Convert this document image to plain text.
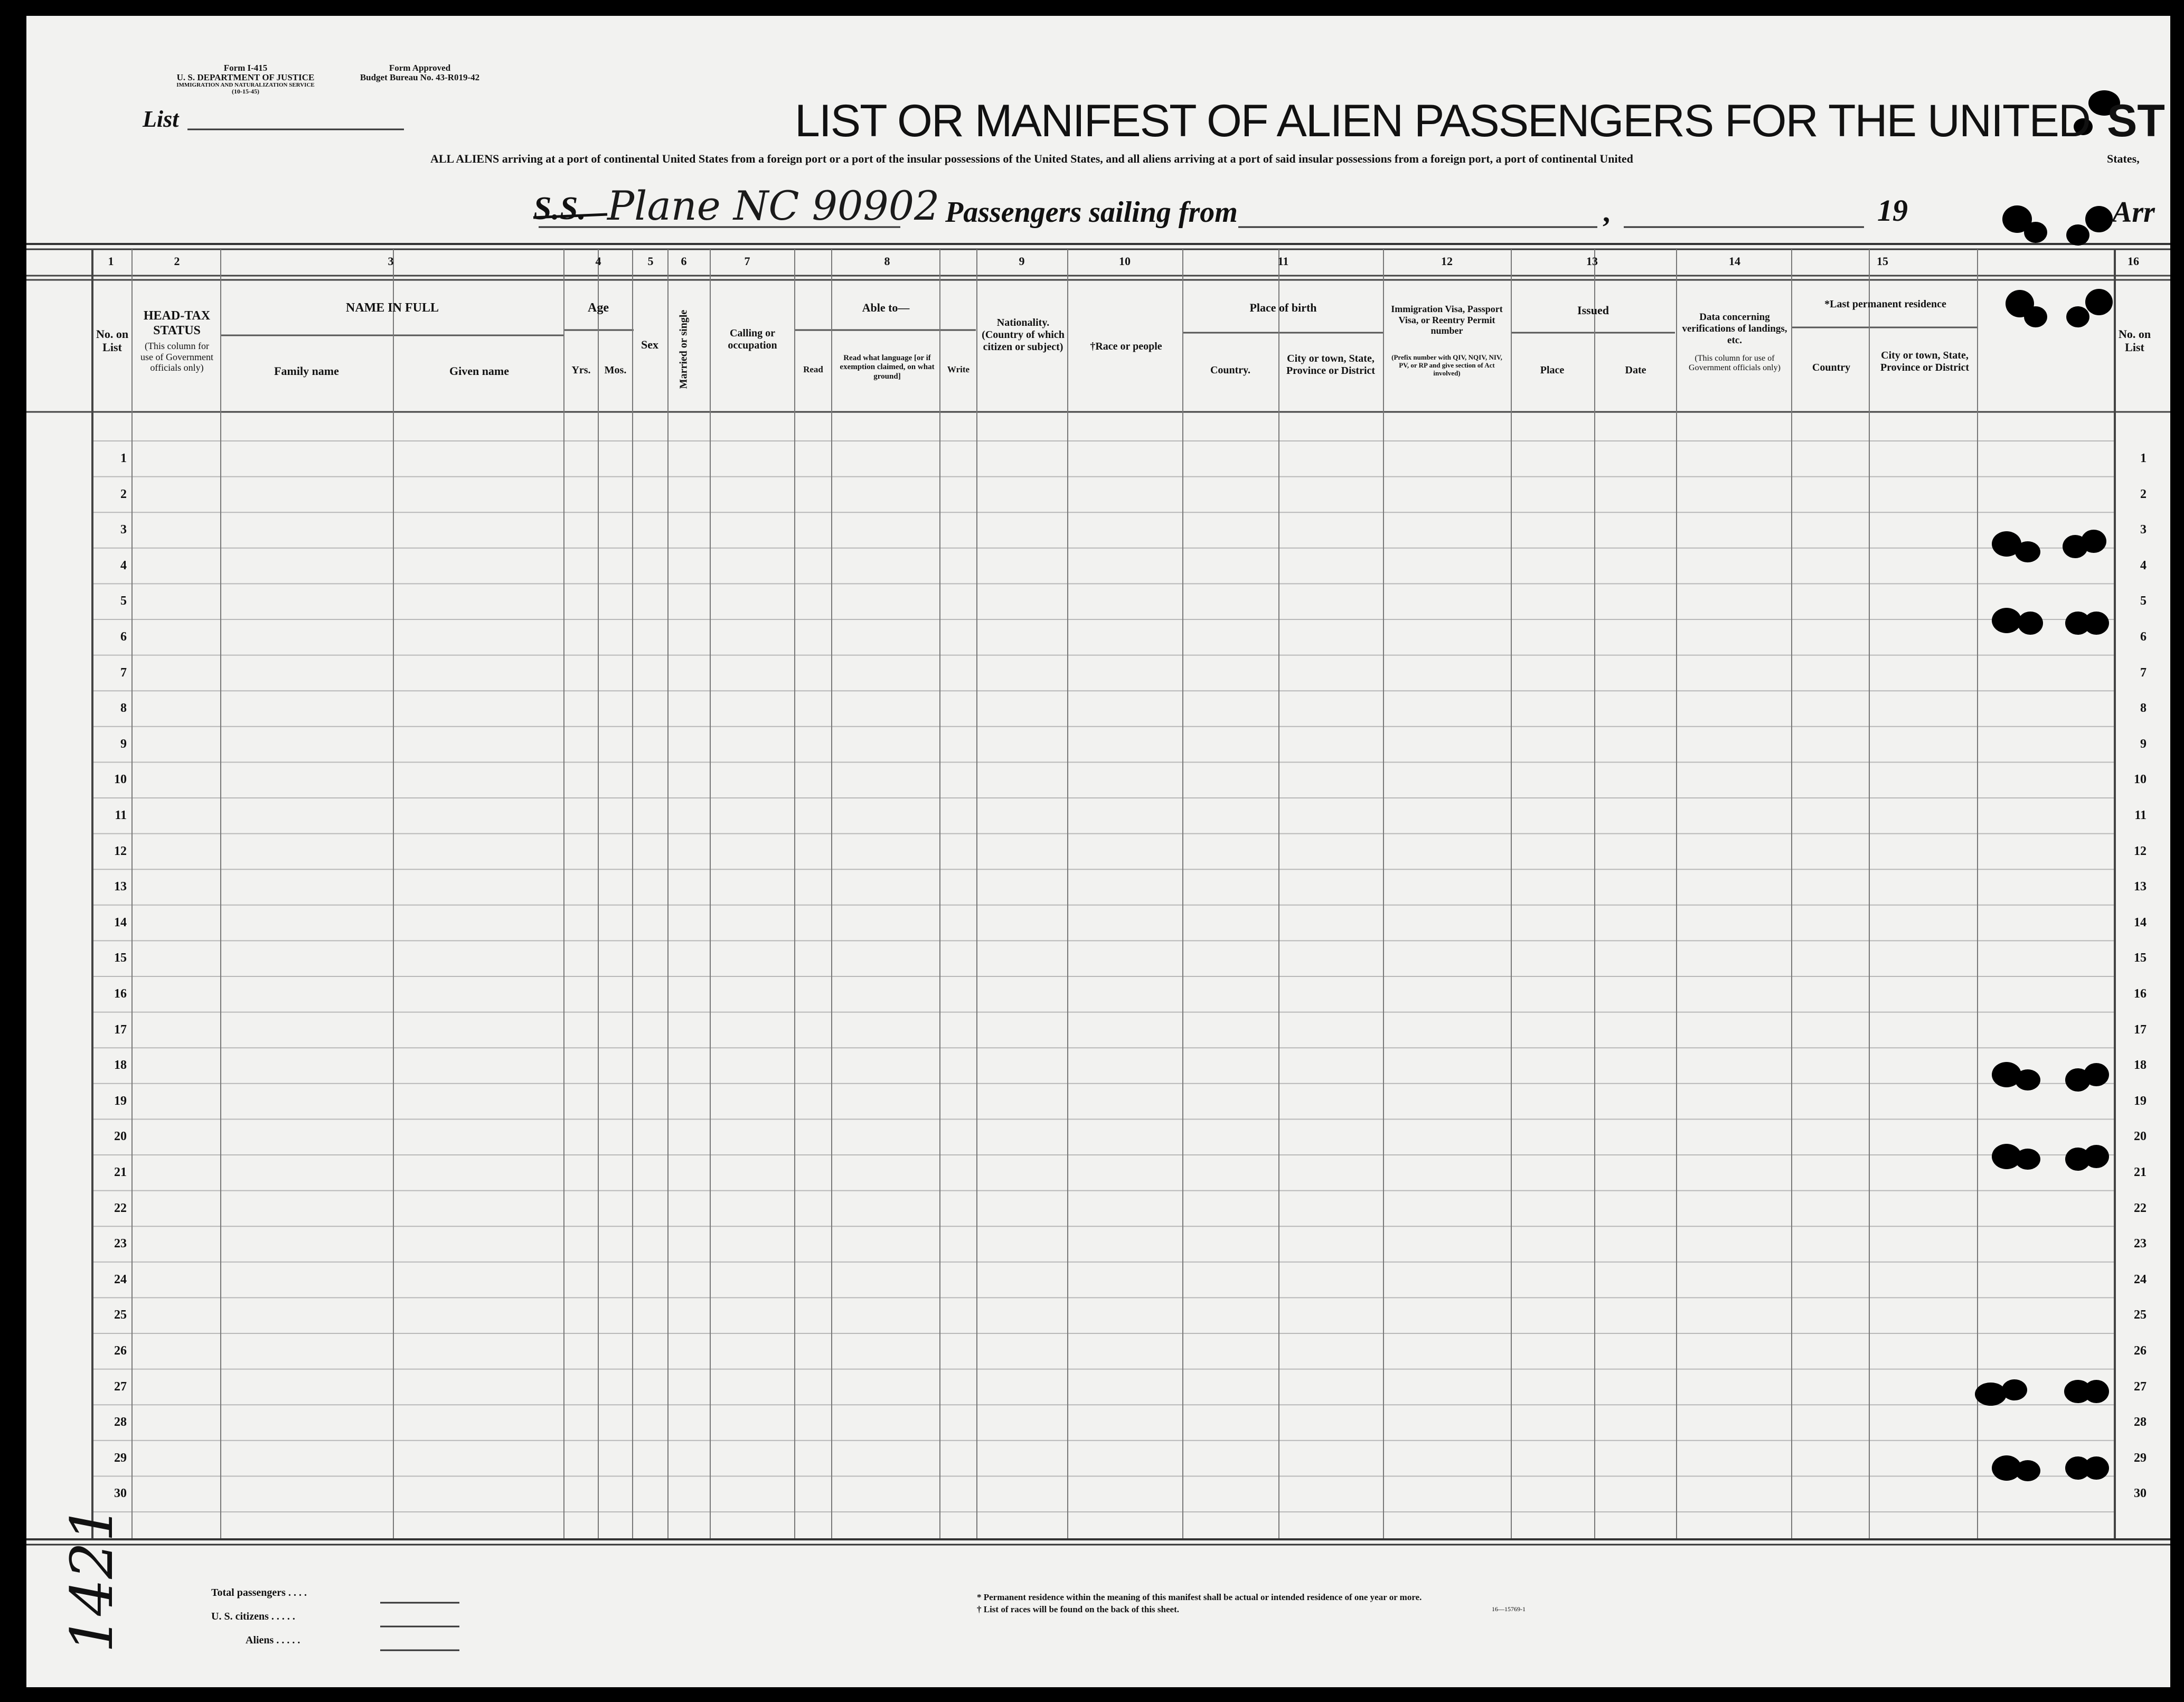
Form I-415
U. S. DEPARTMENT OF JUSTICE
IMMIGRATION AND NATURALIZATION SERVICE
(10-15-45)
Form Approved
Budget Bureau No. 43-R019-42
List	LIST OR MANIFEST OF ALIEN PASSENGERS FOR THE UNITED ST
ALL ALIENS arriving at a port of continental United States from a foreign port or a port of the insular possessions of the United States, and all aliens arriving at a port of said insular possessions from a foreign port, a port of continental United	States,
S.S. Plane NC 90902 Passengers sailing from	,	19	Arr
1	2	3	4	5	6	7	8	9	10	11	12	13	14	15	16
No. on List
No. on List
HEAD-TAX STATUS
(This column for use of Government officials only)
NAME IN FULL
Family name	Given name
Age
Yrs.	Mos.
Sex	Married or single	Calling or occupation
Able to—
Read
Read what language [or if exemption claimed, on what ground]
Write
Nationality. (Country of which citizen or subject)	†Race or people
Place of birth
Country.
City or town, State, Province or District
Immigration Visa, Passport Visa, or Reentry Permit number
(Prefix number with QIV, NQIV, NIV, PV, or RP and give section of Act involved)
Issued
Place	Date
Data concerning verifications of landings, etc.
(This column for use of Government officials only)
*Last permanent residence
Country
City or town, State, Province or District
1	1
2	2
3	3
4	4
5	5
6	6
7	7
8	8
9	9
10	10
11	11
12	12
13	13
14	14
15	15
16	16
17	17
18	18
19	19
20	20
21	21
22	22
23	23
24	24
25	25
26	26
27	27
28	28
29	29
30	30
Total passengers . . . .
U. S. citizens . . . . .
Aliens . . . . .
* Permanent residence within the meaning of this manifest shall be actual or intended residence of one year or more.
† List of races will be found on the back of this sheet.	16—15769-1
1421
